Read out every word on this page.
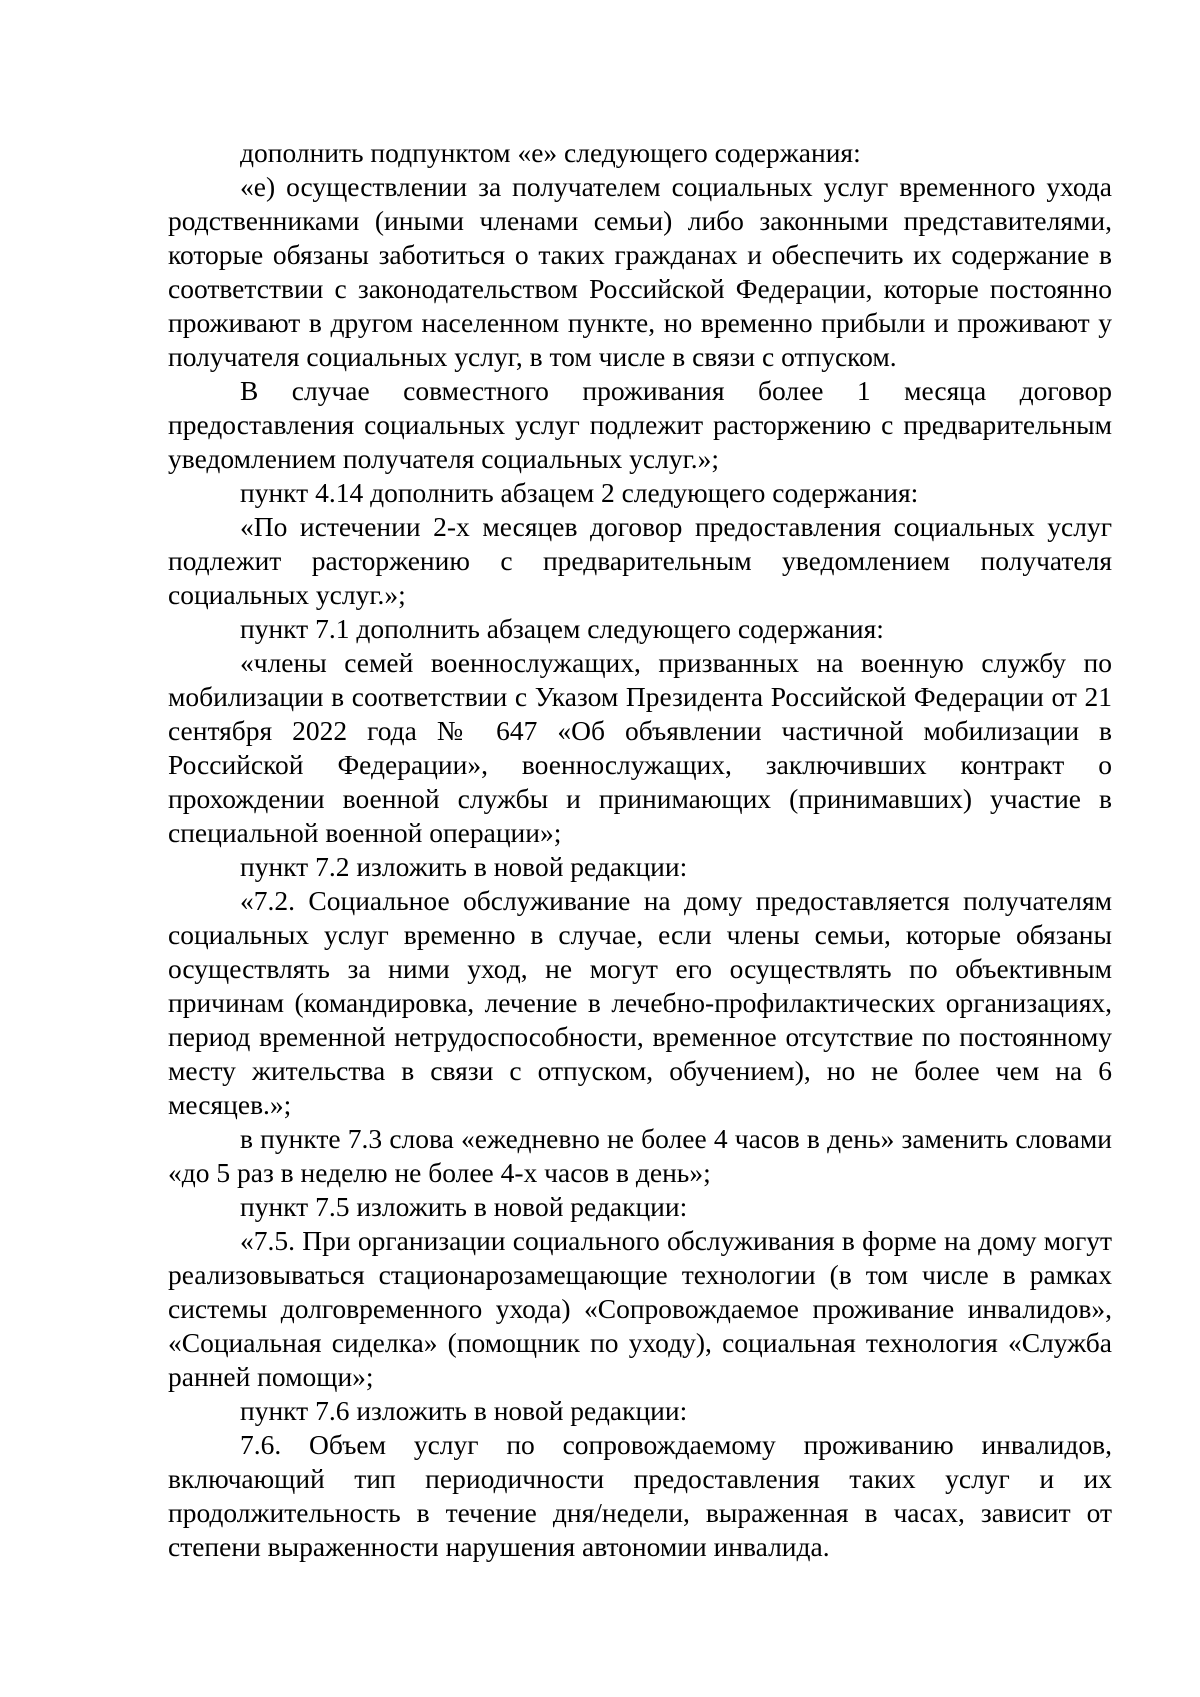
дополнить подпунктом «е» следующего содержания:

«е) осуществлении за получателем социальных услуг временного ухода родственниками (иными членами семьи) либо законными представителями, которые обязаны заботиться о таких гражданах и обеспечить их содержание в соответствии с законодательством Российской Федерации, которые постоянно проживают в другом населенном пункте, но временно прибыли и проживают у получателя социальных услуг, в том числе в связи с отпуском.

В случае совместного проживания более 1 месяца договор предоставления социальных услуг подлежит расторжению с предварительным уведомлением получателя социальных услуг.»;

пункт 4.14 дополнить абзацем 2 следующего содержания:

«По истечении 2-х месяцев договор предоставления социальных услуг подлежит расторжению с предварительным уведомлением получателя социальных услуг.»;

пункт 7.1 дополнить абзацем следующего содержания:

«члены семей военнослужащих, призванных на военную службу по мобилизации в соответствии с Указом Президента Российской Федерации от 21 сентября 2022 года № 647 «Об объявлении частичной мобилизации в Российской Федерации», военнослужащих, заключивших контракт о прохождении военной службы и принимающих (принимавших) участие в специальной военной операции»;

пункт 7.2 изложить в новой редакции:

«7.2. Социальное обслуживание на дому предоставляется получателям социальных услуг временно в случае, если члены семьи, которые обязаны осуществлять за ними уход, не могут его осуществлять по объективным причинам (командировка, лечение в лечебно-профилактических организациях, период временной нетрудоспособности, временное отсутствие по постоянному месту жительства в связи с отпуском, обучением), но не более чем на 6 месяцев.»;

в пункте 7.3 слова «ежедневно не более 4 часов в день» заменить словами «до 5 раз в неделю не более 4-х часов в день»;

пункт 7.5 изложить в новой редакции:

«7.5. При организации социального обслуживания в форме на дому могут реализовываться стационарозамещающие технологии (в том числе в рамках системы долговременного ухода) «Сопровождаемое проживание инвалидов», «Социальная сиделка» (помощник по уходу), социальная технология «Служба ранней помощи»;

пункт 7.6 изложить в новой редакции:

7.6. Объем услуг по сопровождаемому проживанию инвалидов, включающий тип периодичности предоставления таких услуг и их продолжительность в течение дня/недели, выраженная в часах, зависит от степени выраженности нарушения автономии инвалида.
